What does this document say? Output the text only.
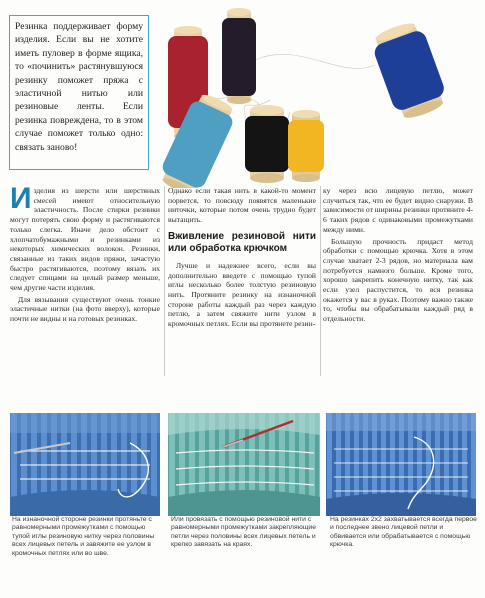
Резинка поддерживает форму изделия. Если вы не хотите иметь пуловер в форме ящика, то «починить» растянувшуюся резинку поможет пряжа с эластичной нитью или резиновые ленты. Если резинка повреждена, то в этом случае поможет только одно: связать заново!

Изделия из шерсти или шерстяных смесей имеют относительную эластичность. После стирки резинки могут потерять свою форму и растягиваются только слегка. Иначе дело обстоит с хлопчатобумажными и резинками из некоторых химических волокон. Резинки, связанные из таких видов пряжи, зачастую быстро растягиваются, поэтому вязать их следует спицами на целый размер меньше, чем другие части изделия.

Для вязывания существуют очень тонкие эластичные нитки (на фото вверху), которые почти не видны и на готовых резинках.

Однако если такая нить в какой-то момент порвется, то повсюду появятся маленькие ниточки, которые потом очень трудно будет вытащить.

Вживление резиновой нити или обработка крючком

Лучше и надежнее всего, если вы дополнительно введете с помощью тупой иглы несколько более толстую резиновую нить. Протяните резинку на изнаночной стороне работы каждый раз через каждую петлю, а затем свяжите нити узлом в кромочных петлях. Если вы протянете резин-

ку через всю лицевую петлю, может случиться так, что ее будет видно снаружи. В зависимости от ширины резинки протяните 4-6 таких рядов с одинаковыми промежутками между ними.

Большую прочность придаст метод обработки с помощью крючка. Хотя в этом случае хватает 2-3 рядов, но материала вам потребуется намного больше. Кроме того, хорошо закрепить конечную нитку, так как если узел распустится, то вся резинка окажется у вас в руках. Поэтому важно также то, чтобы вы обрабатывали каждый ряд в отдельности.

На изнаночной стороне резинки протяньте с равномерными промежутками с помощью тупой иглы резиновую нитку через половины всех лицевых петель и завяжите ее узлом в кромочных петлях или во шве.
Или провязать с помощью резиновой нити с равномерными промежутками закрепляющие петли через половины всех лицевых петель и крепко завязать на краях.
На резинках 2х2 захватывается всегда первое и последнее звено лицевой петли и обвивается или обрабатывается с помощью крючка.
